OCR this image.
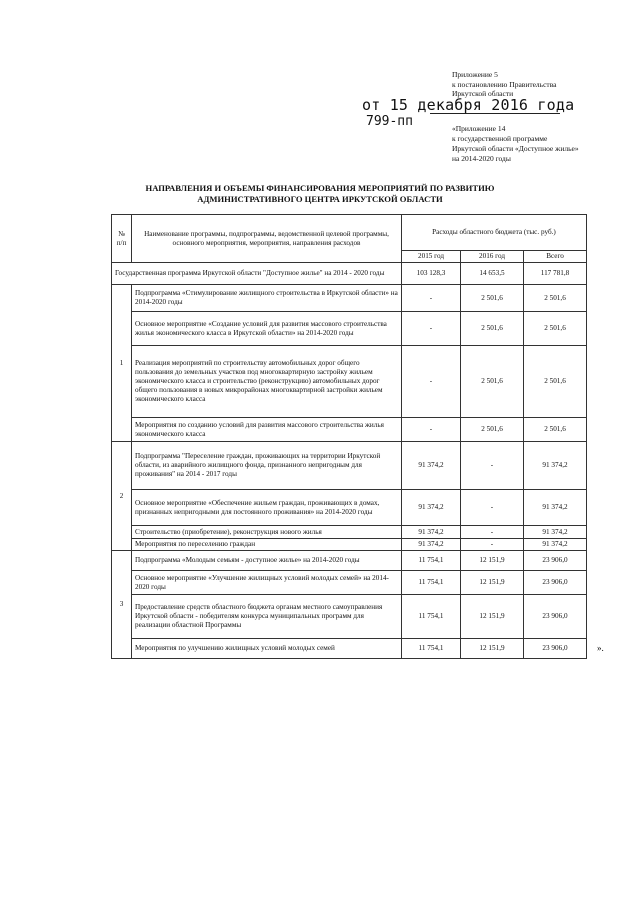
Приложение 5
к постановлению Правительства
Иркутской области
от 15 декабря 2016 года
799-пп	«Приложение 14
к государственной программе
Иркутской области «Доступное жилье»
на 2014-2020 годы
НАПРАВЛЕНИЯ И ОБЪЕМЫ ФИНАНСИРОВАНИЯ МЕРОПРИЯТИЙ ПО РАЗВИТИЮ
АДМИНИСТРАТИВНОГО ЦЕНТРА ИРКУТСКОЙ ОБЛАСТИ
№ п/п	Наименование программы, подпрограммы, ведомственной целевой программы, основного мероприятия, мероприятия, направления расходов	Расходы областного бюджета (тыс. руб.)		
		2015 год	2016 год	Всего
Государственная программа Иркутской области "Доступное жилье" на 2014 - 2020 годы		103 128,3	14 653,5	117 781,8
1	Подпрограмма «Стимулирование жилищного строительства в Иркутской области» на 2014-2020 годы	-	2 501,6	2 501,6
	Основное мероприятие «Создание условий для развития массового строительства жилья экономического класса в Иркутской области» на 2014-2020 годы	-	2 501,6	2 501,6
	Реализация мероприятий по строительству автомобильных дорог общего пользования до земельных участков под многоквартирную застройку жильем экономического класса и строительство (реконструкцию) автомобильных дорог общего пользования в новых микрорайонах многоквартирной застройки жильем экономического класса	-	2 501,6	2 501,6
	Мероприятия по созданию условий для развития массового строительства жилья экономического класса	-	2 501,6	2 501,6
2	Подпрограмма "Переселение граждан, проживающих на территории Иркутской области, из аварийного жилищного фонда, признанного непригодным для проживания" на 2014 - 2017 годы	91 374,2	-	91 374,2
	Основное мероприятие «Обеспечение жильем граждан, проживающих в домах, признанных непригодными для постоянного проживания» на 2014-2020 годы	91 374,2	-	91 374,2
	Строительство (приобретение), реконструкция нового жилья	91 374,2	-	91 374,2
	Мероприятия по переселению граждан	91 374,2	-	91 374,2
3	Подпрограмма «Молодым семьям - доступное жилье» на 2014-2020 годы	11 754,1	12 151,9	23 906,0
	Основное мероприятие «Улучшение жилищных условий молодых семей» на 2014-2020 годы	11 754,1	12 151,9	23 906,0
	Предоставление средств областного бюджета органам местного самоуправления Иркутской области - победителям конкурса муниципальных программ для реализации областной Программы	11 754,1	12 151,9	23 906,0
	Мероприятия по улучшению жилищных условий молодых семей	11 754,1	12 151,9	23 906,0	».
